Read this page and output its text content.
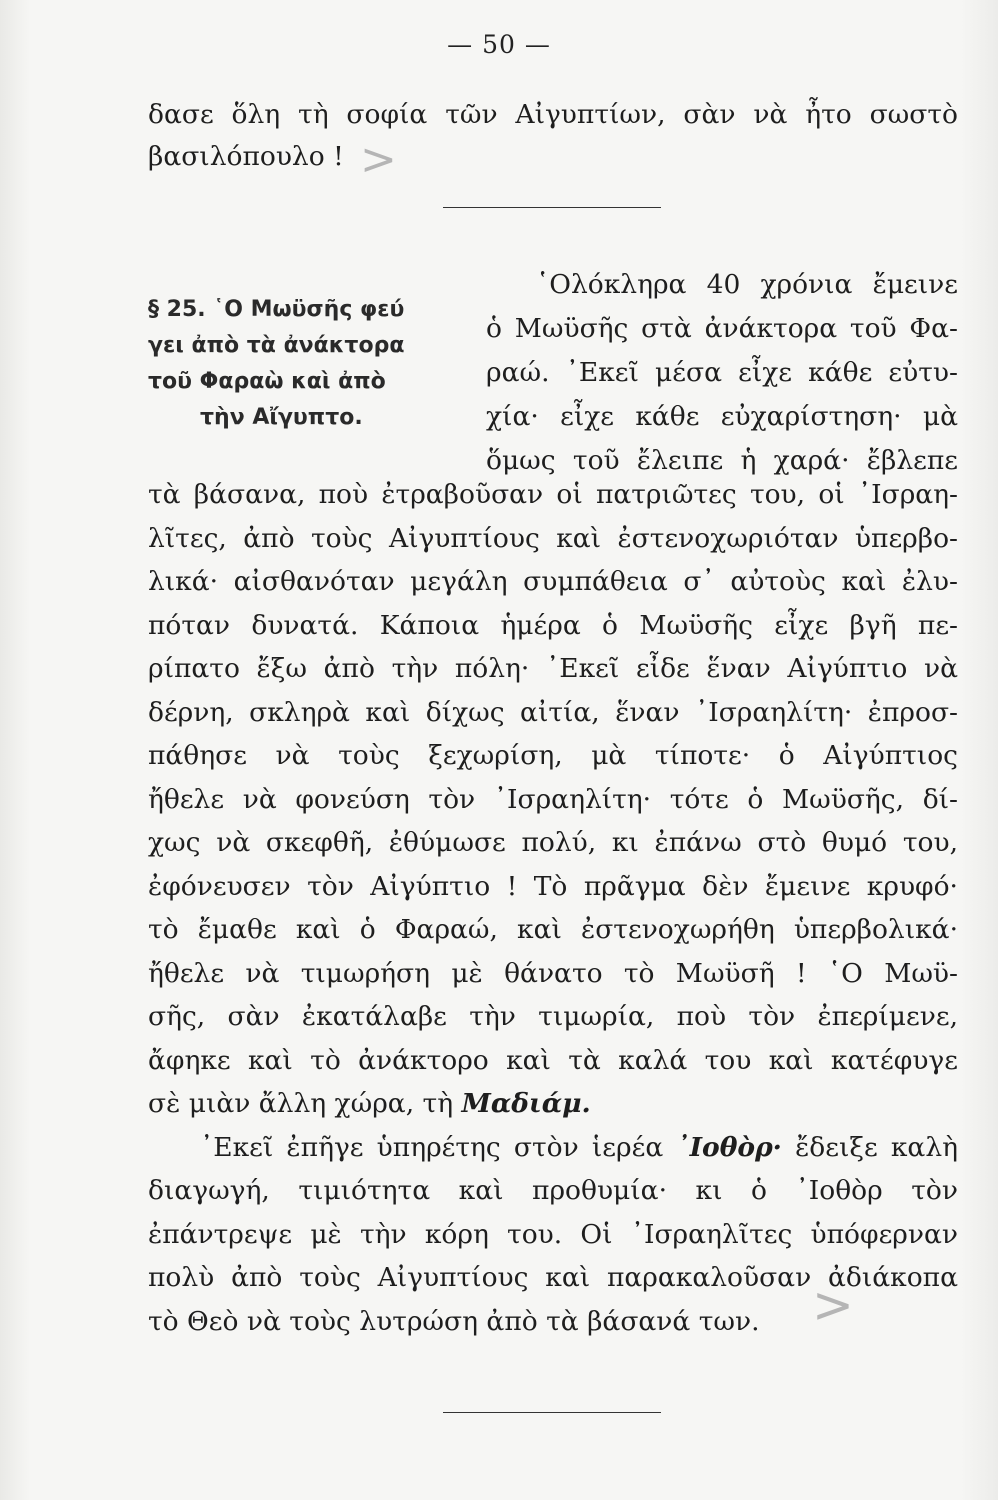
— 50 —
δασε ὅλη τὴ σοφία τῶν Αἰγυπτίων, σὰν νὰ ἦτο σωστὸ
βασιλόπουλο ! >
§ 25. ῾Ο Μωϋσῆς φεύ
γει ἀπὸ τὰ ἀνάκτορα
τοῦ Φαραὼ καὶ ἀπὸ
τὴν Αἴγυπτο.
῾Ολόκληρα 40 χρόνια ἔμεινε
ὁ Μωϋσῆς στὰ ἀνάκτορα τοῦ Φα-
ραώ. ᾿Εκεῖ μέσα εἶχε κάθε εὐτυ-
χία· εἶχε κάθε εὐχαρίστηση· μὰ
ὅμως τοῦ ἔλειπε ἡ χαρά· ἔβλεπε
τὰ βάσανα, ποὺ ἐτραβοῦσαν οἱ πατριῶτες του, οἱ ᾿Ισραη-
λῖτες, ἀπὸ τοὺς Αἰγυπτίους καὶ ἐστενοχωριόταν ὑπερβο-
λικά· αἰσθανόταν μεγάλη συμπάθεια σ᾿ αὐτοὺς καὶ ἐλυ-
πόταν δυνατά. Κάποια ἡμέρα ὁ Μωϋσῆς εἶχε βγῆ πε-
ρίπατο ἔξω ἀπὸ τὴν πόλη· ᾿Εκεῖ εἶδε ἕναν Αἰγύπτιο νὰ
δέρνη, σκληρὰ καὶ δίχως αἰτία, ἕναν ᾿Ισραηλίτη· ἐπροσ-
πάθησε νὰ τοὺς ξεχωρίση, μὰ τίποτε· ὁ Αἰγύπτιος
ἤθελε νὰ φονεύση τὸν ᾿Ισραηλίτη· τότε ὁ Μωϋσῆς, δί-
χως νὰ σκεφθῆ, ἐθύμωσε πολύ, κι ἐπάνω στὸ θυμό του,
ἐφόνευσεν τὸν Αἰγύπτιο ! Τὸ πρᾶγμα δὲν ἔμεινε κρυφό·
τὸ ἔμαθε καὶ ὁ Φαραώ, καὶ ἐστενοχωρήθη ὑπερβολικά·
ἤθελε νὰ τιμωρήση μὲ θάνατο τὸ Μωϋσῆ ! ῾Ο Μωϋ-
σῆς, σὰν ἐκατάλαβε τὴν τιμωρία, ποὺ τὸν ἐπερίμενε,
ἄφηκε καὶ τὸ ἀνάκτορο καὶ τὰ καλά του καὶ κατέφυγε
σὲ μιὰν ἄλλη χώρα, τὴ Μαδιάμ.
᾿Εκεῖ ἐπῆγε ὑπηρέτης στὸν ἱερέα ᾿Ιοθὸρ· ἔδειξε καλὴ
διαγωγή, τιμιότητα καὶ προθυμία· κι ὁ ᾿Ιοθὸρ τὸν
ἐπάντρεψε μὲ τὴν κόρη του. Οἱ ᾿Ισραηλῖτες ὑπόφερναν
πολὺ ἀπὸ τοὺς Αἰγυπτίους καὶ παρακαλοῦσαν ἀδιάκοπα
τὸ Θεὸ νὰ τοὺς λυτρώση ἀπὸ τὰ βάσανά των. >
